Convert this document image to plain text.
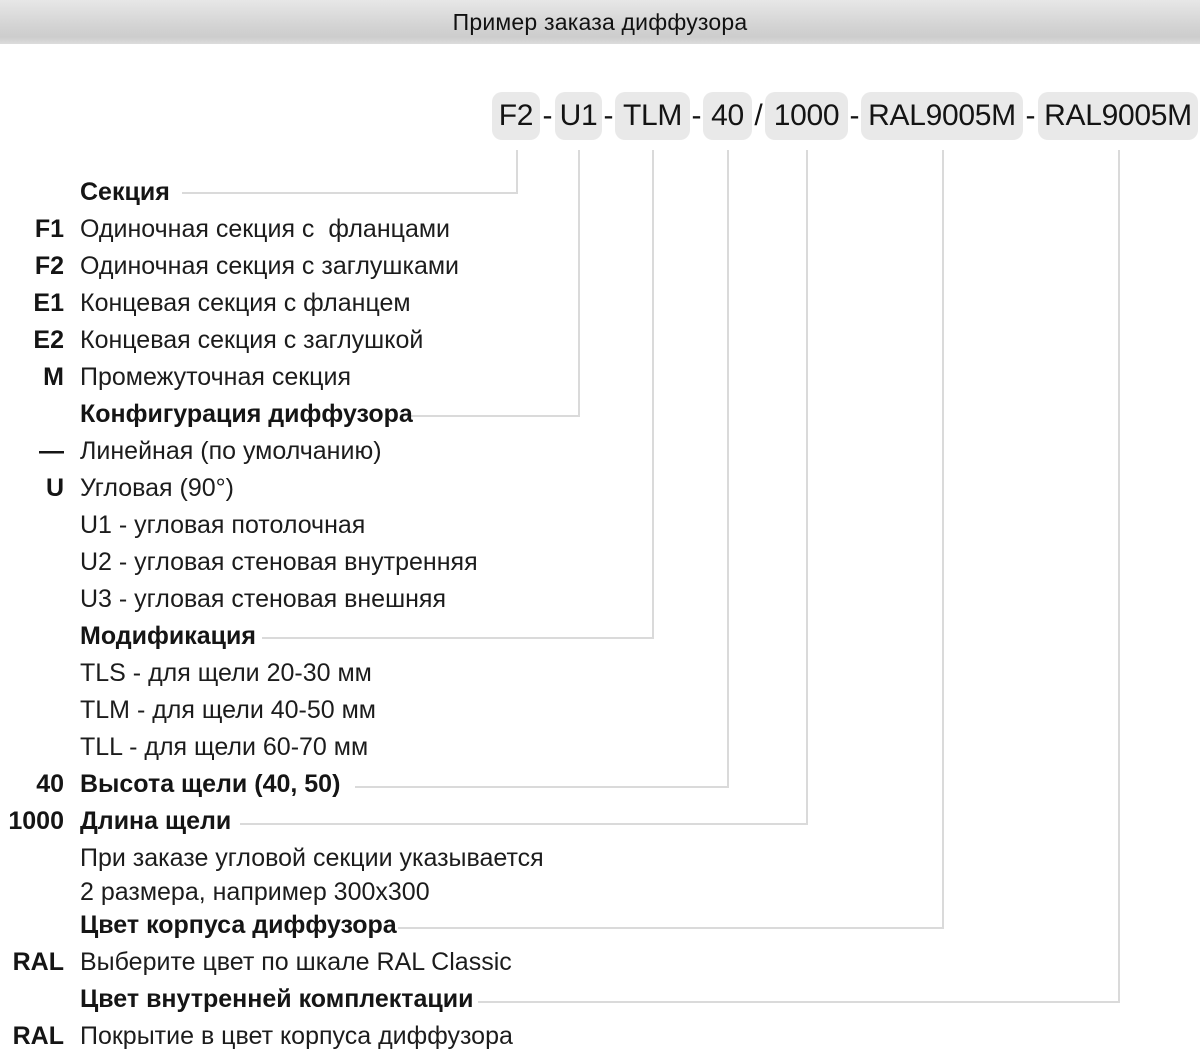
Пример заказа диффузора
F2 - U1 - TLM - 40 / 1000 - RAL9005M - RAL9005M
Секция
F1 Одиночная секция с  фланцами
F2 Одиночная секция с заглушками
E1 Концевая секция с фланцем
E2 Концевая секция с заглушкой
M Промежуточная секция
Конфигурация диффузора
— Линейная (по умолчанию)
U Угловая (90°)
U1 - угловая потолочная
U2 - угловая стеновая внутренняя
U3 - угловая стеновая внешняя
Модификация
TLS - для щели 20-30 мм
TLM - для щели 40-50 мм
TLL - для щели 60-70 мм
40 Высота щели (40, 50)
1000 Длина щели
При заказе угловой секции указывается
2 размера, например 300x300
Цвет корпуса диффузора
RAL Выберите цвет по шкале RAL Classic
Цвет внутренней комплектации
RAL Покрытие в цвет корпуса диффузора
